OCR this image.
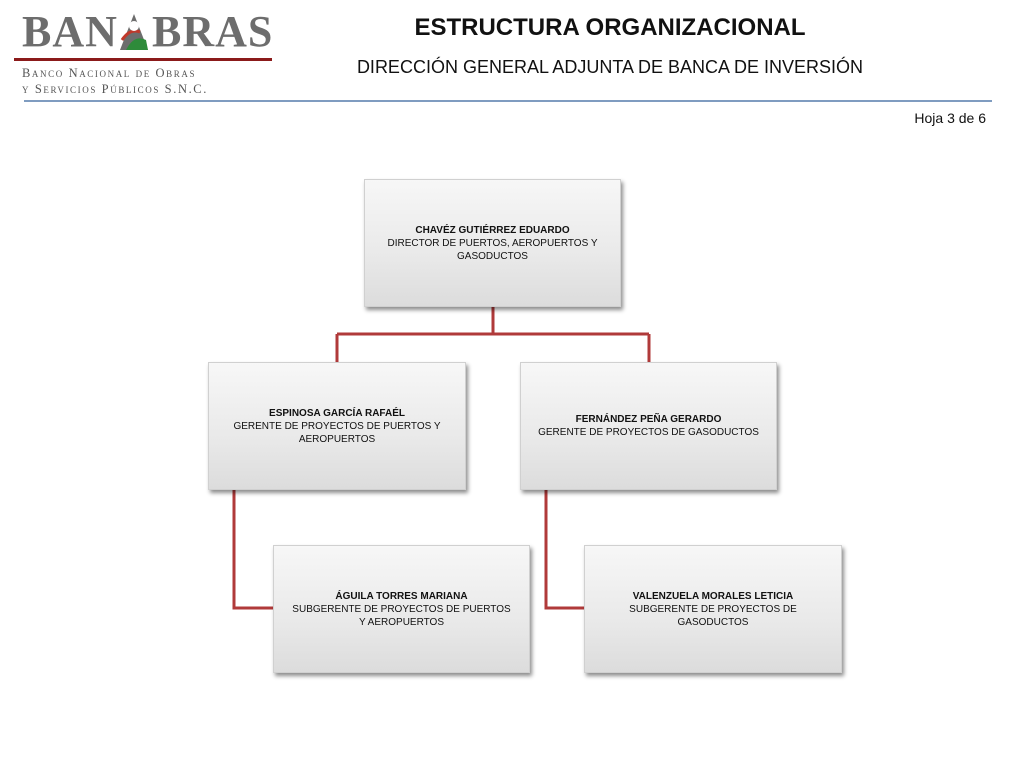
BAN BRAS
Banco Nacional de Obras
y Servicios Públicos S.N.C.
ESTRUCTURA ORGANIZACIONAL
DIRECCIÓN GENERAL ADJUNTA DE BANCA DE INVERSIÓN
Hoja 3 de 6
CHAVÉZ GUTIÉRREZ EDUARDO
DIRECTOR DE PUERTOS, AEROPUERTOS Y GASODUCTOS
ESPINOSA GARCÍA RAFAÉL
GERENTE DE PROYECTOS DE PUERTOS Y AEROPUERTOS
FERNÁNDEZ PEÑA GERARDO
GERENTE DE PROYECTOS DE GASODUCTOS
ÁGUILA TORRES MARIANA
SUBGERENTE DE PROYECTOS DE PUERTOS Y AEROPUERTOS
VALENZUELA MORALES LETICIA
SUBGERENTE DE PROYECTOS DE GASODUCTOS
